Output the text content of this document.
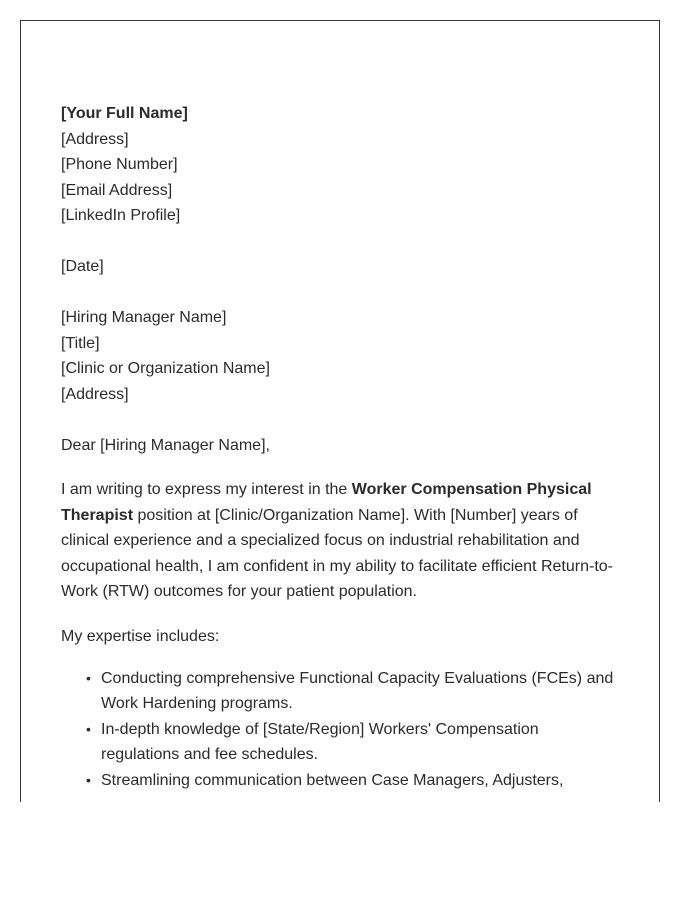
[Your Full Name]
[Address]
[Phone Number]
[Email Address]
[LinkedIn Profile]
[Date]
[Hiring Manager Name]
[Title]
[Clinic or Organization Name]
[Address]
Dear [Hiring Manager Name],

I am writing to express my interest in the Worker Compensation Physical Therapist position at [Clinic/Organization Name]. With [Number] years of clinical experience and a specialized focus on industrial rehabilitation and occupational health, I am confident in my ability to facilitate efficient Return-to-Work (RTW) outcomes for your patient population.

My expertise includes:

• Conducting comprehensive Functional Capacity Evaluations (FCEs) and Work Hardening programs.
• In-depth knowledge of [State/Region] Workers' Compensation regulations and fee schedules.
• Streamlining communication between Case Managers, Adjusters,
